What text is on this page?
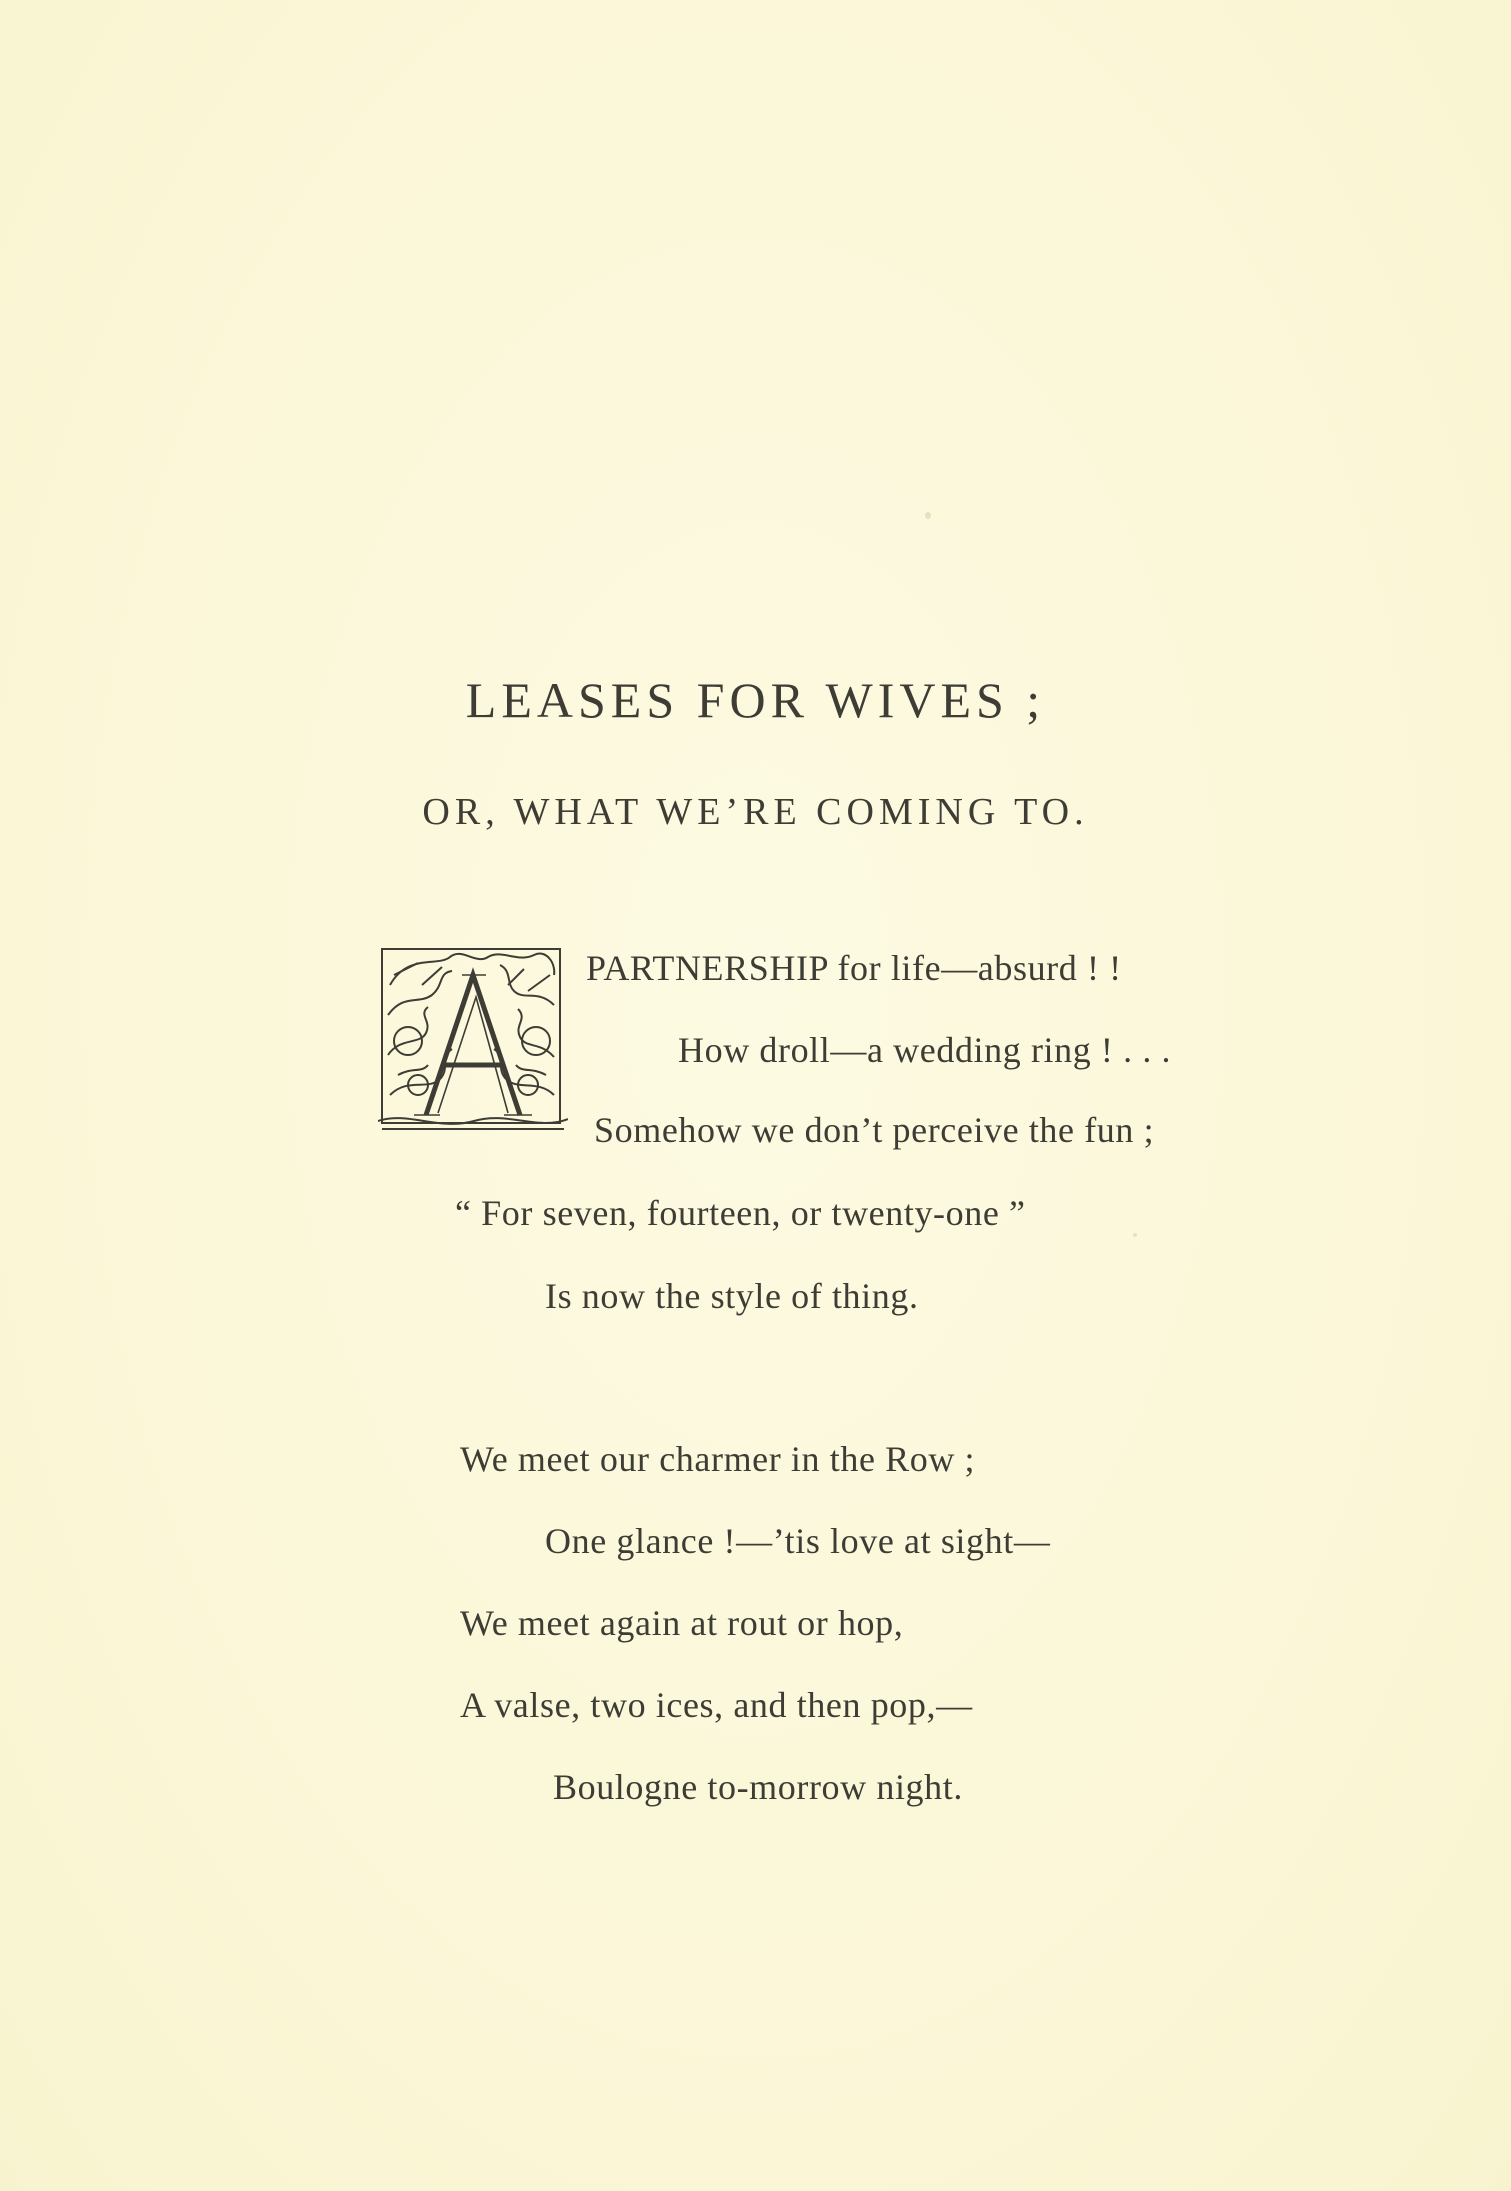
LEASES FOR WIVES ;
OR, WHAT WE’RE COMING TO.
PARTNERSHIP for life—absurd ! !
How droll—a wedding ring ! . . .
Somehow we don’t perceive the fun ;
“ For seven, fourteen, or twenty-one ”
Is now the style of thing.
We meet our charmer in the Row ;
One glance !—’tis love at sight—
We meet again at rout or hop,
A valse, two ices, and then pop,—
Boulogne to-morrow night.
